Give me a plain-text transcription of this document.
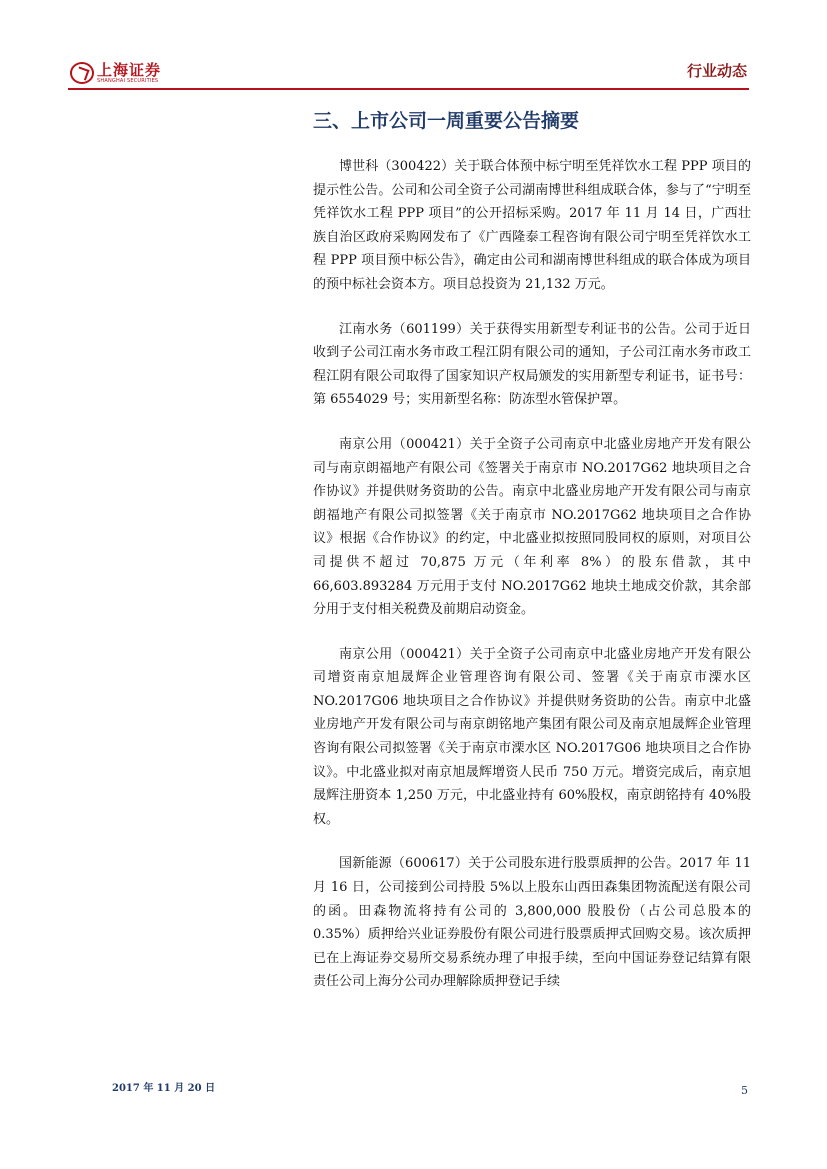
上海证券
SHANGHAI SECURITIES
行业动态
三、上市公司一周重要公告摘要

博世科（300422）关于联合体预中标宁明至凭祥饮水工程 PPP 项目的提示性公告。公司和公司全资子公司湖南博世科组成联合体，参与了“宁明至凭祥饮水工程 PPP 项目”的公开招标采购。2017 年 11 月 14 日，广西壮族自治区政府采购网发布了《广西隆泰工程咨询有限公司宁明至凭祥饮水工程 PPP 项目预中标公告》，确定由公司和湖南博世科组成的联合体成为项目的预中标社会资本方。项目总投资为 21,132 万元。

江南水务（601199）关于获得实用新型专利证书的公告。公司于近日收到子公司江南水务市政工程江阴有限公司的通知，子公司江南水务市政工程江阴有限公司取得了国家知识产权局颁发的实用新型专利证书，证书号：第 6554029 号；实用新型名称：防冻型水管保护罩。

南京公用（000421）关于全资子公司南京中北盛业房地产开发有限公司与南京朗福地产有限公司《签署关于南京市 NO.2017G62 地块项目之合作协议》并提供财务资助的公告。南京中北盛业房地产开发有限公司与南京朗福地产有限公司拟签署《关于南京市 NO.2017G62 地块项目之合作协议》根据《合作协议》的约定，中北盛业拟按照同股同权的原则，对项目公司提供不超过 70,875 万元（年利率 8%）的股东借款，其中 66,603.893284 万元用于支付 NO.2017G62 地块土地成交价款，其余部分用于支付相关税费及前期启动资金。

南京公用（000421）关于全资子公司南京中北盛业房地产开发有限公司增资南京旭晟辉企业管理咨询有限公司、签署《关于南京市溧水区 NO.2017G06 地块项目之合作协议》并提供财务资助的公告。南京中北盛业房地产开发有限公司与南京朗铭地产集团有限公司及南京旭晟辉企业管理咨询有限公司拟签署《关于南京市溧水区 NO.2017G06 地块项目之合作协议》。中北盛业拟对南京旭晟辉增资人民币 750 万元。增资完成后，南京旭晟辉注册资本 1,250 万元，中北盛业持有 60%股权，南京朗铭持有 40%股权。

国新能源（600617）关于公司股东进行股票质押的公告。2017 年 11 月 16 日，公司接到公司持股 5%以上股东山西田森集团物流配送有限公司的函。田森物流将持有公司的 3,800,000 股股份（占公司总股本的 0.35%）质押给兴业证券股份有限公司进行股票质押式回购交易。该次质押已在上海证券交易所交易系统办理了申报手续，至向中国证券登记结算有限责任公司上海分公司办理解除质押登记手续

2017 年 11 月 20 日	5
